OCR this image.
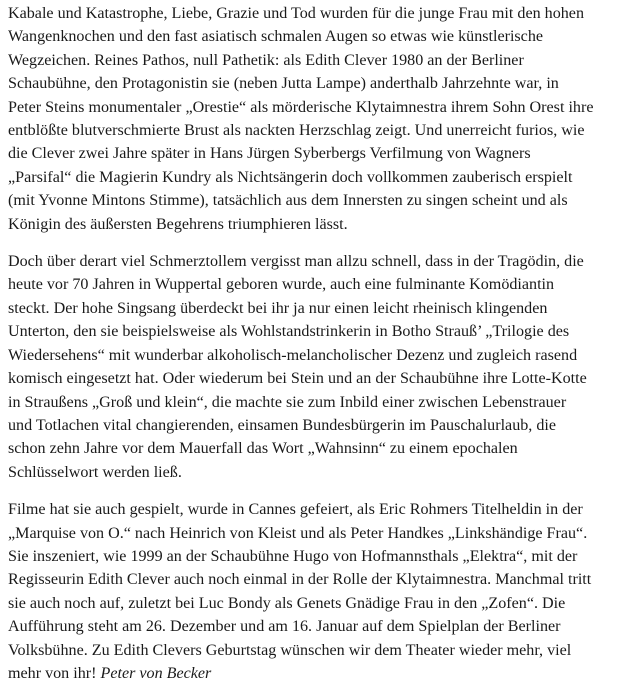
Kabale und Katastrophe, Liebe, Grazie und Tod wurden für die junge Frau mit den hohen
Wangenknochen und den fast asiatisch schmalen Augen so etwas wie künstlerische
Wegzeichen. Reines Pathos, null Pathetik: als Edith Clever 1980 an der Berliner
Schaubühne, den Protagonistin sie (neben Jutta Lampe) anderthalb Jahrzehnte war, in
Peter Steins monumentaler „Orestie“ als mörderische Klytaimnestra ihrem Sohn Orest ihre
entblößte blutverschmierte Brust als nackten Herzschlag zeigt. Und unerreicht furios, wie
die Clever zwei Jahre später in Hans Jürgen Syberbergs Verfilmung von Wagners
„Parsifal“ die Magierin Kundry als Nichtsängerin doch vollkommen zauberisch erspielt
(mit Yvonne Mintons Stimme), tatsächlich aus dem Innersten zu singen scheint und als
Königin des äußersten Begehrens triumphieren lässt.

Doch über derart viel Schmerztollem vergisst man allzu schnell, dass in der Tragödin, die
heute vor 70 Jahren in Wuppertal geboren wurde, auch eine fulminante Komödiantin
steckt. Der hohe Singsang überdeckt bei ihr ja nur einen leicht rheinisch klingenden
Unterton, den sie beispielsweise als Wohlstandstrinkerin in Botho Strauß’ „Trilogie des
Wiedersehens“ mit wunderbar alkoholisch-melancholischer Dezenz und zugleich rasend
komisch eingesetzt hat. Oder wiederum bei Stein und an der Schaubühne ihre Lotte-Kotte
in Straußens „Groß und klein“, die machte sie zum Inbild einer zwischen Lebenstrauer
und Totlachen vital changierenden, einsamen Bundesbürgerin im Pauschalurlaub, die
schon zehn Jahre vor dem Mauerfall das Wort „Wahnsinn“ zu einem epochalen
Schlüsselwort werden ließ.

Filme hat sie auch gespielt, wurde in Cannes gefeiert, als Eric Rohmers Titelheldin in der
„Marquise von O.“ nach Heinrich von Kleist und als Peter Handkes „Linkshändige Frau“.
Sie inszeniert, wie 1999 an der Schaubühne Hugo von Hofmannsthals „Elektra“, mit der
Regisseurin Edith Clever auch noch einmal in der Rolle der Klytaimnestra. Manchmal tritt
sie auch noch auf, zuletzt bei Luc Bondy als Genets Gnädige Frau in den „Zofen“. Die
Aufführung steht am 26. Dezember und am 16. Januar auf dem Spielplan der Berliner
Volksbühne. Zu Edith Clevers Geburtstag wünschen wir dem Theater wieder mehr, viel
mehr von ihr! Peter von Becker
